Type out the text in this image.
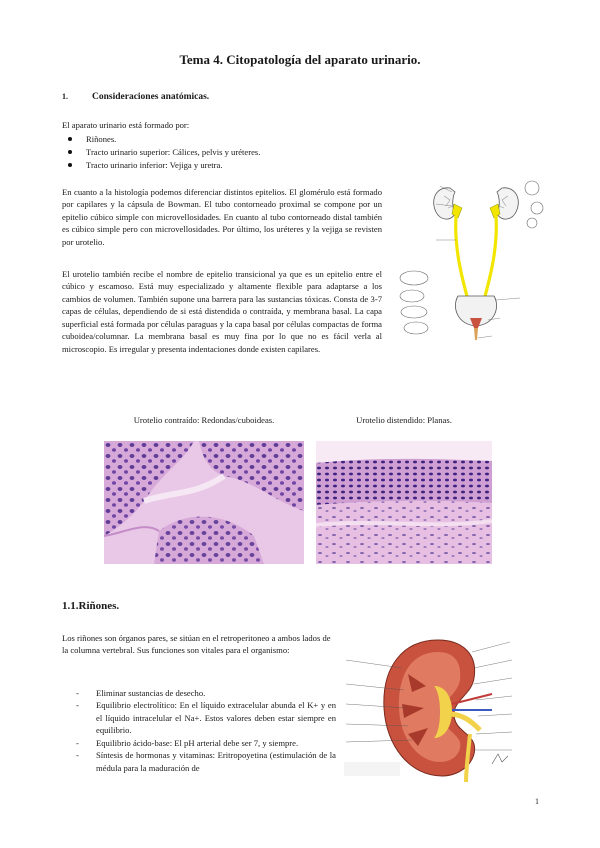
Tema 4. Citopatología del aparato urinario.
1.	Consideraciones anatómicas.
El aparato urinario está formado por:
Riñones.
Tracto urinario superior: Cálices, pelvis y uréteres.
Tracto urinario inferior: Vejiga y uretra.
En cuanto a la histología podemos diferenciar distintos epitelios. El glomérulo está formado por capilares y la cápsula de Bowman. El tubo contorneado proximal se compone por un epitelio cúbico simple con microvellosidades. En cuanto al tubo contorneado distal también es cúbico simple pero con microvellosidades. Por último, los uréteres y la vejiga se revisten por urotelio.
El urotelio también recibe el nombre de epitelio transicional ya que es un epitelio entre el cúbico y escamoso. Está muy especializado y altamente flexible para adaptarse a los cambios de volumen. También supone una barrera para las sustancias tóxicas. Consta de 3-7 capas de células, dependiendo de si está distendida o contraída, y membrana basal. La capa superficial está formada por células paraguas y la capa basal por células compactas de forma cuboidea/columnar. La membrana basal es muy fina por lo que no es fácil verla al microscopio. Es irregular y presenta indentaciones donde existen capilares.
Urotelio contraído: Redondas/cuboideas.	Urotelio distendido: Planas.
1.1.Riñones.
Los riñones son órganos pares, se sitúan en el retroperitoneo a ambos lados de la columna vertebral. Sus funciones son vitales para el organismo:
- Eliminar sustancias de desecho.
- Equilibrio electrolítico: En el líquido extracelular abunda el K+ y en el líquido intracelular el Na+. Estos valores deben estar siempre en equilibrio.
- Equilibrio ácido-base: El pH arterial debe ser 7, y siempre.
- Síntesis de hormonas y vitaminas: Eritropoyetina (estimulación de la médula para la maduración de
1
